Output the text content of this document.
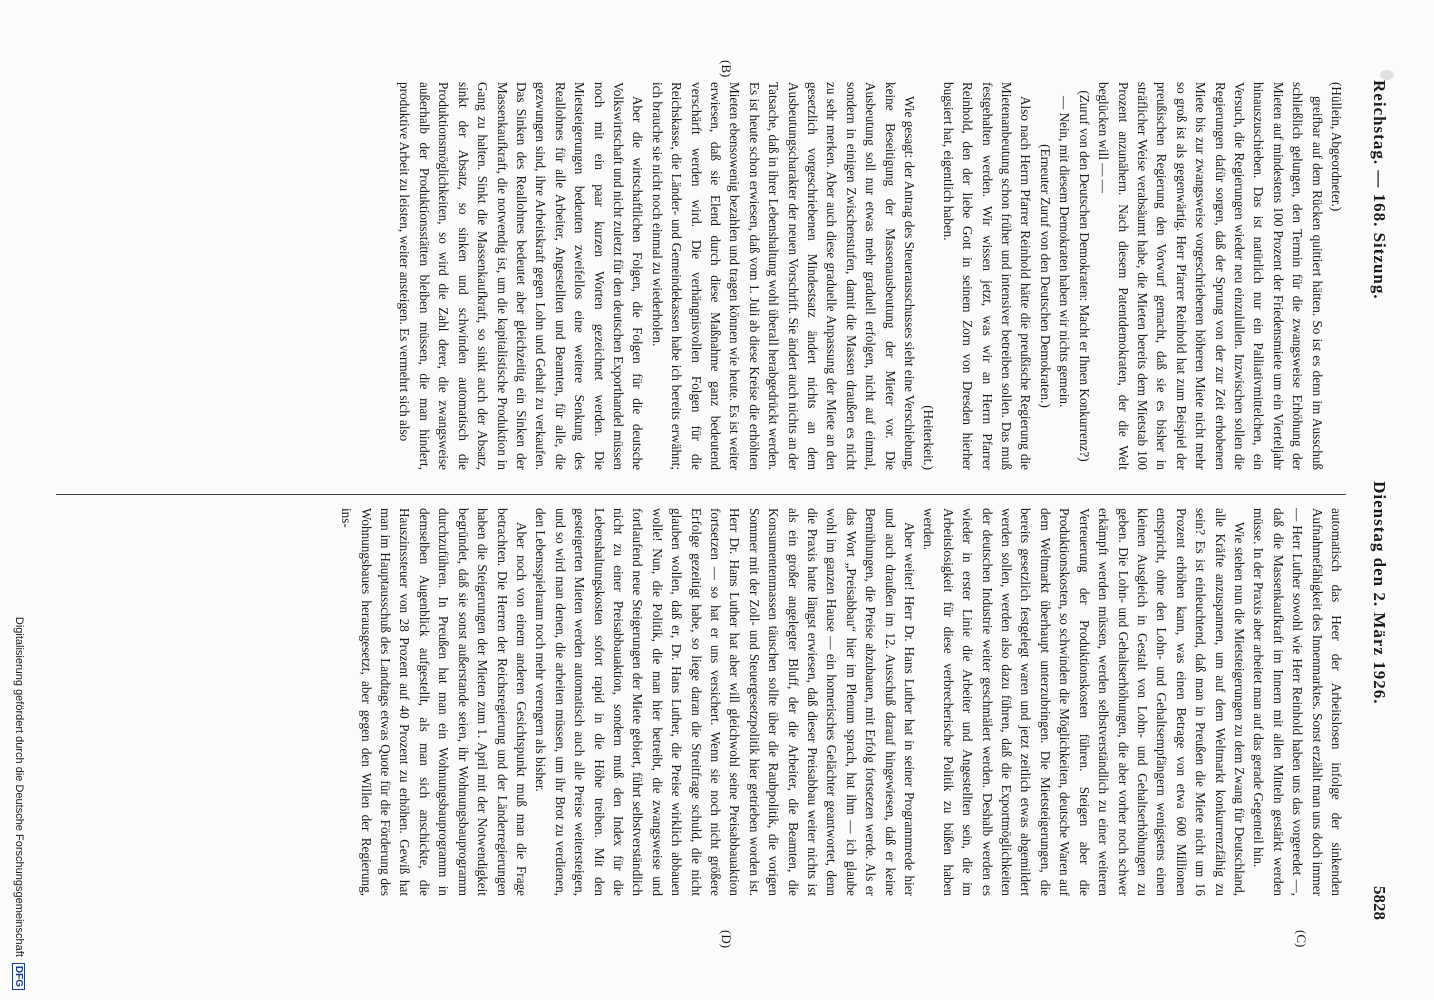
Reichstag. — 168. Sitzung.
Dienstag den 2. März 1926.
5828

(Hüllein, Abgeordneter.)

greifbar auf dem Rücken quittiert hätten. So ist es denn im Ausschuß schließlich gelungen, den Termin für die zwangsweise Erhöhung der Mieten auf mindestens 100 Prozent der Friedensmiete um ein Vierteljahr hinauszuschieben. Das ist natürlich nur ein Palliativmittelchen, ein Versuch, die Regierungen wieder neu einzulullen. Inzwischen sollen die Regierungen dafür sorgen, daß der Sprung von der zur Zeit erhobenen Miete bis zur zwangsweise vorgeschriebenen höheren Miete nicht mehr so groß ist als gegenwärtig. Herr Pfarrer Reinhold hat zum Beispiel der preußischen Regierung den Vorwurf gemacht, daß sie es bisher in sträflicher Weise verabsäumt habe, die Mieten bereits dem Mietstab 100 Prozent anzunähern. Nach diesem Patentdemokraten, der die Welt beglücken will — —

(Zuruf von den Deutschen Demokraten: Macht er Ihnen Konkurrenz?)

— Nein, mit diesem Demokraten haben wir nichts gemein.

(Erneuter Zuruf von den Deutschen Demokraten.)

Also nach Herrn Pfarrer Reinhold hätte die preußische Regierung die Mietenanbeutung schon früher und intensiver betreiben sollen. Das muß festgehalten werden. Wir wissen jetzt, was wir an Herrn Pfarrer Reinhold, den der liebe Gott in seinem Zorn von Dresden hierher bugsiert hat, eigentlich haben.

(Heiterkeit.)

Wie gesagt: der Antrag des Steuerausschusses sieht eine Verschiebung, keine Beseitigung der Massenausbeutung der Mieter vor. Die Ausbeutung soll nur etwas mehr graduell erfolgen, nicht auf einmal, sondern in einigen Zwischenstufen, damit die Massen draußen es nicht zu sehr merken. Aber auch diese graduelle Anpassung der Miete an den gesetzlich vorgeschriebenen Mindestsatz ändert nichts an dem Ausbeutungscharakter der neuen Vorschrift. Sie ändert auch nichts an der Tatsache, daß in ihrer Lebenshaltung wohl überall herabgedrückt werden. Es ist heute schon erwiesen, daß vom 1. Juli ab diese Kreise die erhöhten Mieten ebensowenig bezahlen und tragen können wie heute. Es ist weiter erwiesen, daß sie Elend durch diese Maßnahme ganz bedeutend verschärft werden wird. Die verhängnisvollen Folgen für die Reichskasse, die Länder- und Gemeindekassen habe ich bereits erwähnt; ich brauche sie nicht noch einmal zu wiederholen.

Aber die wirtschaftlichen Folgen, die Folgen für die deutsche Volkswirtschaft und nicht zuletzt für den deutschen Exporthandel müssen noch mit ein paar kurzen Worten gezeichnet werden. Die Mietsteigerungen bedeuten zweifellos eine weitere Senkung des Reallohnes für alle Arbeiter, Angestellten und Beamten, für alle, die gezwungen sind, ihre Arbeitskraft gegen Lohn und Gehalt zu verkaufen. Das Sinken des Reallohnes bedeutet aber gleichzeitig ein Sinken der Massenkaufkraft, die notwendig ist, um die kapitalistische Produktion in Gang zu halten. Sinkt die Massenkaufkraft, so sinkt auch der Absatz, sinkt der Absatz, so sinken und schwinden automatisch die Produktionsmöglichkeiten, so wird die Zahl derer, die zwangsweise außerhalb der Produktionsstätten bleiben müssen, die man hindert, produktive Arbeit zu leisten, weiter ansteigen. Es vermehrt sich also

automatisch das Heer der Arbeitslosen infolge der sinkenden Aufnahmefähigkeit des Innenmarktes. Sonst erzählt man uns doch immer — Herr Luther sowohl wie Herr Reinhold haben uns das vorgeredet —, daß die Massenkaufkraft im Innern mit allen Mitteln gestärkt werden müsse. In der Praxis aber arbeitet man auf das gerade Gegenteil hin.

Wie stehen nun die Mietsteigerungen zu dem Zwang für Deutschland, alle Kräfte anzuspannen, um auf dem Weltmarkt konkurrenzfähig zu sein? Es ist einleuchtend, daß man in Preußen die Miete nicht um 16 Prozent erhöhen kann, was einen Betrage von etwa 600 Millionen entspricht, ohne den Lohn- und Gehaltsempfängern wenigstens einen kleinen Ausgleich in Gestalt von Lohn- und Gehaltserhöhungen zu geben. Die Lohn- und Gehaltserhöhungen, die aber vorher noch schwer erkämpft werden müssen, werden selbstverständlich zu einer weiteren Verteuerung der Produktionskosten führen. Steigen aber die Produktionskosten, so schwinden die Möglichkeiten, deutsche Waren auf dem Weltmarkt überhaupt unterzubringen. Die Mietsteigerungen, die bereits gesetzlich festgelegt waren und jetzt zeitlich etwas abgemildert werden sollen, werden also dazu führen, daß die Exportmöglichkeiten der deutschen Industrie weiter geschmälert werden. Deshalb werden es wieder in erster Linie die Arbeiter und Angestellten sein, die im Arbeitslosigkeit für diese verbrecherische Politik zu büßen haben werden.

Aber weiter! Herr Dr. Hans Luther hat in seiner Programmrede hier und auch draußen im 12. Ausschuß darauf hingewiesen, daß er keine Bemühungen, die Preise abzubauen, mit Erfolg fortsetzen werde. Als er das Wort „Preisabbau“ hier im Plenum sprach, hat ihm — ich glaube wohl im ganzen Hause — ein homerisches Gelächter geantwortet, denn die Praxis hatte längst erwiesen, daß dieser Preisabbau weiter nichts ist als ein großer angelegter Bluff, der die Arbeiter, die Beamten, die Konsumentenmassen täuschen sollte über die Raubpolitik, die vorigen Sommer mit der Zoll- und Steuergesetzpolitik hier getrieben worden ist. Herr Dr. Hans Luther hat aber will gleichwohl seine Preisabbauaktion fortsetzen — so hat er uns versichert. Wenn sie noch nicht größere Erfolge gezeitigt habe, so liege daran die Streitfrage schuld, die nicht glauben wollen, daß er, Dr. Hans Luther, die Preise wirklich abbauen wolle! Nun, die Politik, die man hier betreibt, die zwangsweise und fortlaufend neue Steigerungen der Miete gebiert, führt selbstverständlich nicht zu einer Preisabbauaktion, sondern muß den Index für die Lebenshaltungskosten sofort rapid in die Höhe treiben. Mit den gesteigerten Mieten werden automatisch auch alle Preise weitersteigen, und so wird man denen, die arbeiten müssen, um ihr Brot zu verdienen, den Lebensspielraum noch mehr verengern als bisher.

Aber noch von einem anderen Gesichtspunkt muß man die Frage betrachten. Die Herren der Reichsregierung und der Länderregierungen haben die Steigerungen der Mieten zum 1. April mit der Notwendigkeit begründet, daß sie sonst außerstande seien, ihr Wohnungsbauprogramm durchzuführen. In Preußen hat man ein Wohnungsbauprogramm in demselben Augenblick aufgestellt, als man sich anschickte, die Hauszinssteuer von 28 Prozent auf 40 Prozent zu erhöhen. Gewiß hat man im Hauptausschuß des Landtags etwas Quote für die Förderung des Wohnungsbaues herausgesetzt, aber gegen den Willen der Regierung, ins-

(B)
(C)
(D)
Digitalisierung gefördert durch die Deutsche Forschungsgemeinschaft
DFG
